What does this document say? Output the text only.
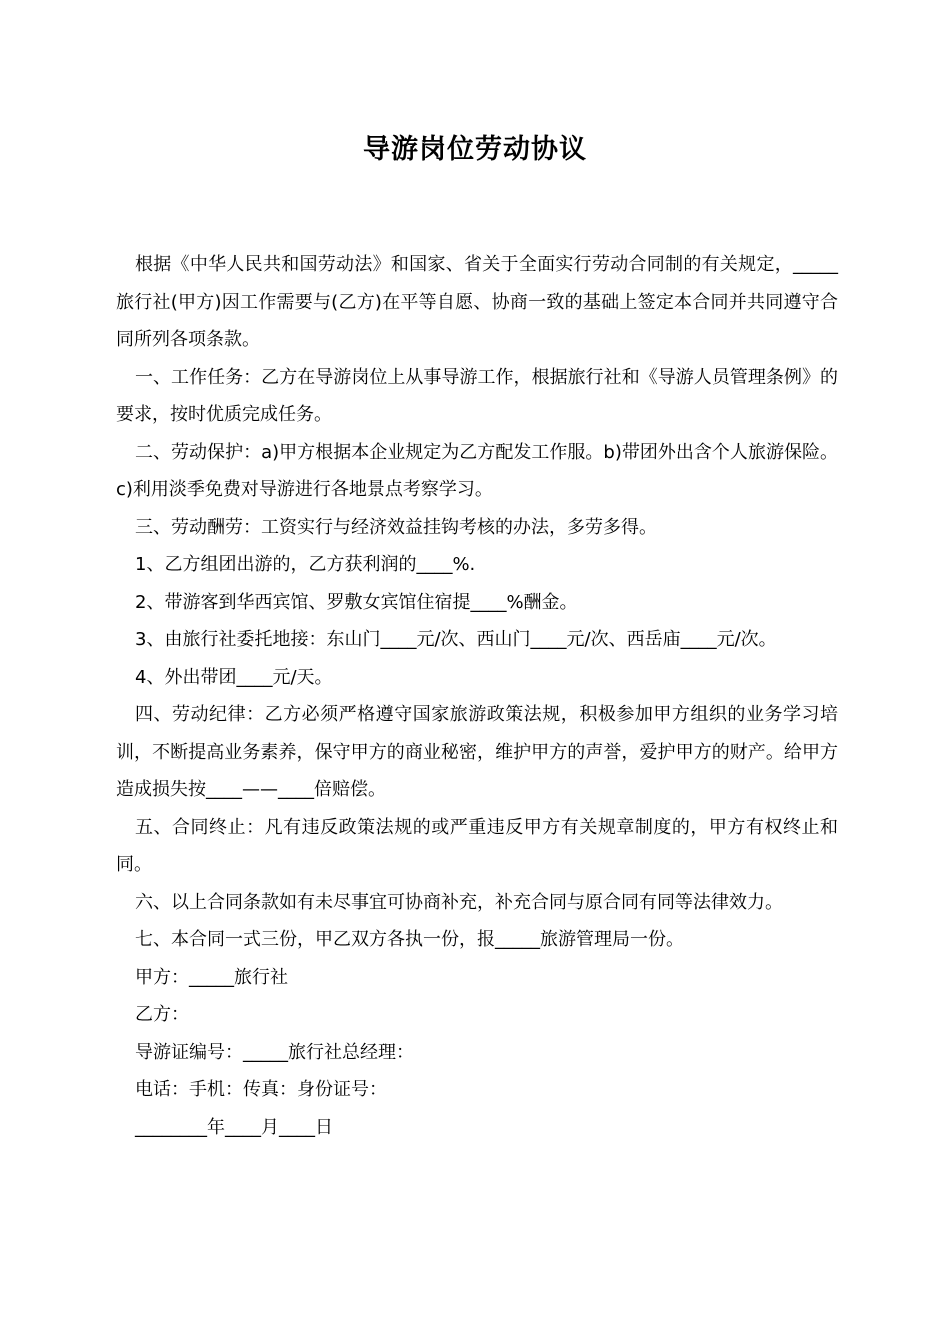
导游岗位劳动协议

根据《中华人民共和国劳动法》和国家、省关于全面实行劳动合同制的有关规定，_____旅行社(甲方)因工作需要与(乙方)在平等自愿、协商一致的基础上签定本合同并共同遵守合同所列各项条款。

一、工作任务：乙方在导游岗位上从事导游工作，根据旅行社和《导游人员管理条例》的要求，按时优质完成任务。

二、劳动保护：a)甲方根据本企业规定为乙方配发工作服。b)带团外出含个人旅游保险。c)利用淡季免费对导游进行各地景点考察学习。

三、劳动酬劳：工资实行与经济效益挂钩考核的办法，多劳多得。

1、乙方组团出游的，乙方获利润的____%.

2、带游客到华西宾馆、罗敷女宾馆住宿提____%酬金。

3、由旅行社委托地接：东山门____元/次、西山门____元/次、西岳庙____元/次。

4、外出带团____元/天。

四、劳动纪律：乙方必须严格遵守国家旅游政策法规，积极参加甲方组织的业务学习培训，不断提高业务素养，保守甲方的商业秘密，维护甲方的声誉，爱护甲方的财产。给甲方造成损失按____——____倍赔偿。

五、合同终止：凡有违反政策法规的或严重违反甲方有关规章制度的，甲方有权终止和同。

六、以上合同条款如有未尽事宜可协商补充，补充合同与原合同有同等法律效力。

七、本合同一式三份，甲乙双方各执一份，报_____旅游管理局一份。

甲方：_____旅行社

乙方：

导游证编号：_____旅行社总经理：

电话：手机：传真：身份证号：

________年____月____日
